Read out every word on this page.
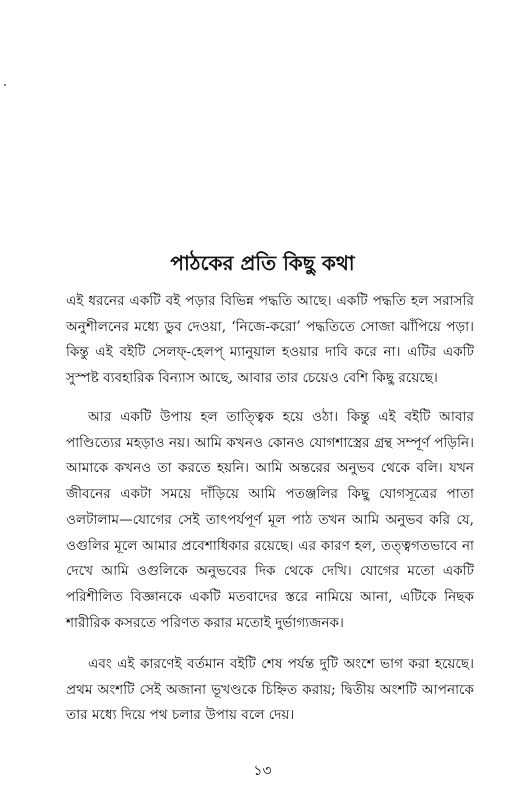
পাঠকের প্রতি কিছু কথা

এই ধরনের একটি বই পড়ার বিভিন্ন পদ্ধতি আছে। একটি পদ্ধতি হল সরাসরি অনুশীলনের মধ্যে ডুব দেওয়া, ‘নিজে-করো’ পদ্ধতিতে সোজা ঝাঁপিয়ে পড়া। কিন্তু এই বইটি সেলফ্-হেলপ্ ম্যানুয়াল হওয়ার দাবি করে না। এটির একটি সুস্পষ্ট ব্যবহারিক বিন্যাস আছে, আবার তার চেয়েও বেশি কিছু রয়েছে।

আর একটি উপায় হল তাত্ত্বিক হয়ে ওঠা। কিন্তু এই বইটি আবার পাণ্ডিত্যের মহড়াও নয়। আমি কখনও কোনও যোগশাস্ত্রের গ্রন্থ সম্পূর্ণ পড়িনি। আমাকে কখনও তা করতে হয়নি। আমি অন্তরের অনুভব থেকে বলি। যখন জীবনের একটা সময়ে দাঁড়িয়ে আমি পতঞ্জলির কিছু যোগসূত্রের পাতা ওলটালাম—যোগের সেই তাৎপর্যপূর্ণ মূল পাঠ তখন আমি অনুভব করি যে, ওগুলির মূলে আমার প্রবেশাধিকার রয়েছে। এর কারণ হল, তত্ত্বগতভাবে না দেখে আমি ওগুলিকে অনুভবের দিক থেকে দেখি। যোগের মতো একটি পরিশীলিত বিজ্ঞানকে একটি মতবাদের স্তরে নামিয়ে আনা, এটিকে নিছক শারীরিক কসরতে পরিণত করার মতোই দুর্ভাগ্যজনক।

এবং এই কারণেই বর্তমান বইটি শেষ পর্যন্ত দুটি অংশে ভাগ করা হয়েছে। প্রথম অংশটি সেই অজানা ভূখণ্ডকে চিহ্নিত করায়; দ্বিতীয় অংশটি আপনাকে তার মধ্যে দিয়ে পথ চলার উপায় বলে দেয়।

১৩
